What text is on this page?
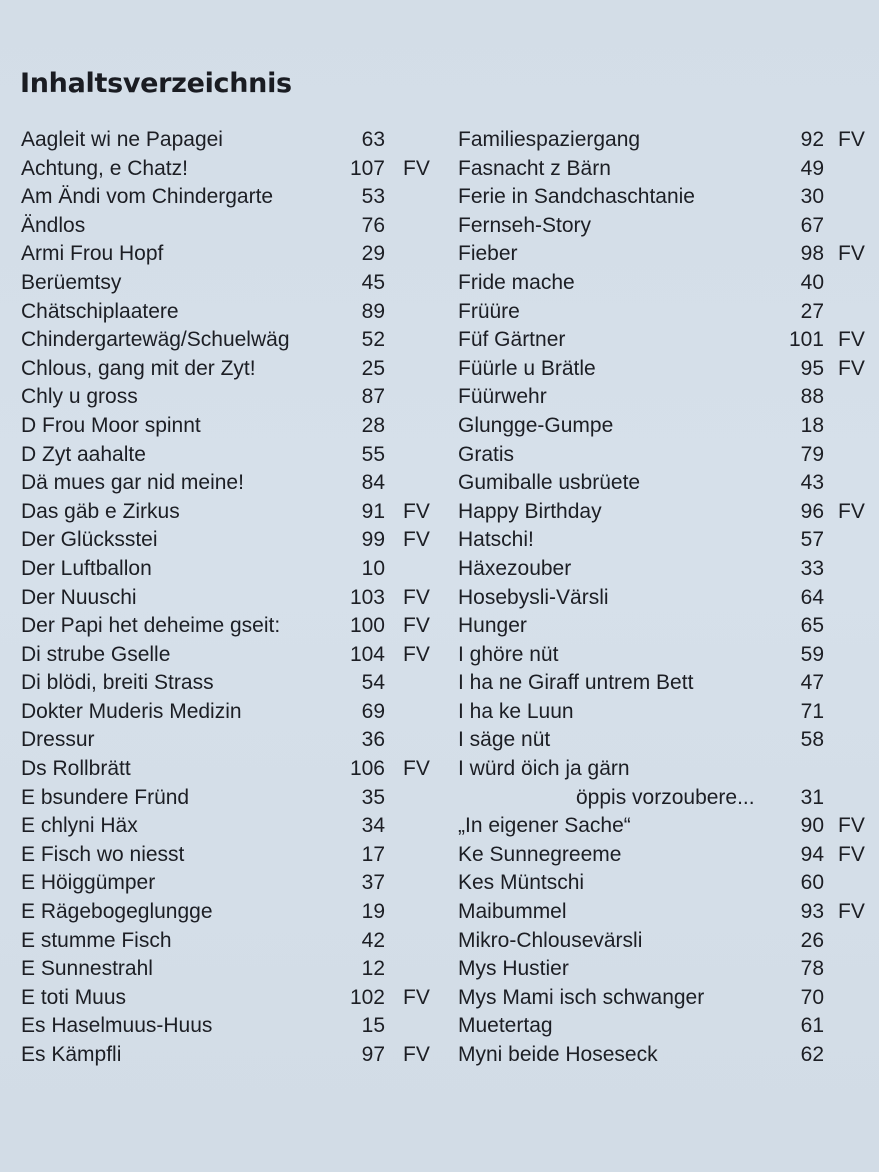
Inhaltsverzeichnis
Aagleit wi ne Papagei	63
Achtung, e Chatz!	107 FV
Am Ändi vom Chindergarte	53
Ändlos	76
Armi Frou Hopf	29
Berüemtsy	45
Chätschiplaatere	89
Chindergartewäg/Schuelwäg	52
Chlous, gang mit der Zyt!	25
Chly u gross	87
D Frou Moor spinnt	28
D Zyt aahalte	55
Dä mues gar nid meine!	84
Das gäb e Zirkus	91 FV
Der Glücksstei	99 FV
Der Luftballon	10
Der Nuuschi	103 FV
Der Papi het deheime gseit:	100 FV
Di strube Gselle	104 FV
Di blödi, breiti Strass	54
Dokter Muderis Medizin	69
Dressur	36
Ds Rollbrätt	106 FV
E bsundere Fründ	35
E chlyni Häx	34
E Fisch wo niesst	17
E Höiggümper	37
E Rägebogeglungge	19
E stumme Fisch	42
E Sunnestrahl	12
E toti Muus	102 FV
Es Haselmuus-Huus	15
Es Kämpfli	97 FV
Familiespaziergang	92 FV
Fasnacht z Bärn	49
Ferie in Sandchaschtanie	30
Fernseh-Story	67
Fieber	98 FV
Fride mache	40
Früüre	27
Füf Gärtner	101 FV
Füürle u Brätle	95 FV
Füürwehr	88
Glungge-Gumpe	18
Gratis	79
Gumiballe usbrüete	43
Happy Birthday	96 FV
Hatschi!	57
Häxezouber	33
Hosebysli-Värsli	64
Hunger	65
I ghöre nüt	59
I ha ne Giraff untrem Bett	47
I ha ke Luun	71
I säge nüt	58
I würd öich ja gärn
öppis vorzoubere... 31
„In eigener Sache“	90 FV
Ke Sunnegreeme	94 FV
Kes Müntschi	60
Maibummel	93 FV
Mikro-Chlousevärsli	26
Mys Hustier	78
Mys Mami isch schwanger	70
Muetertag	61
Myni beide Hoseseck	62
